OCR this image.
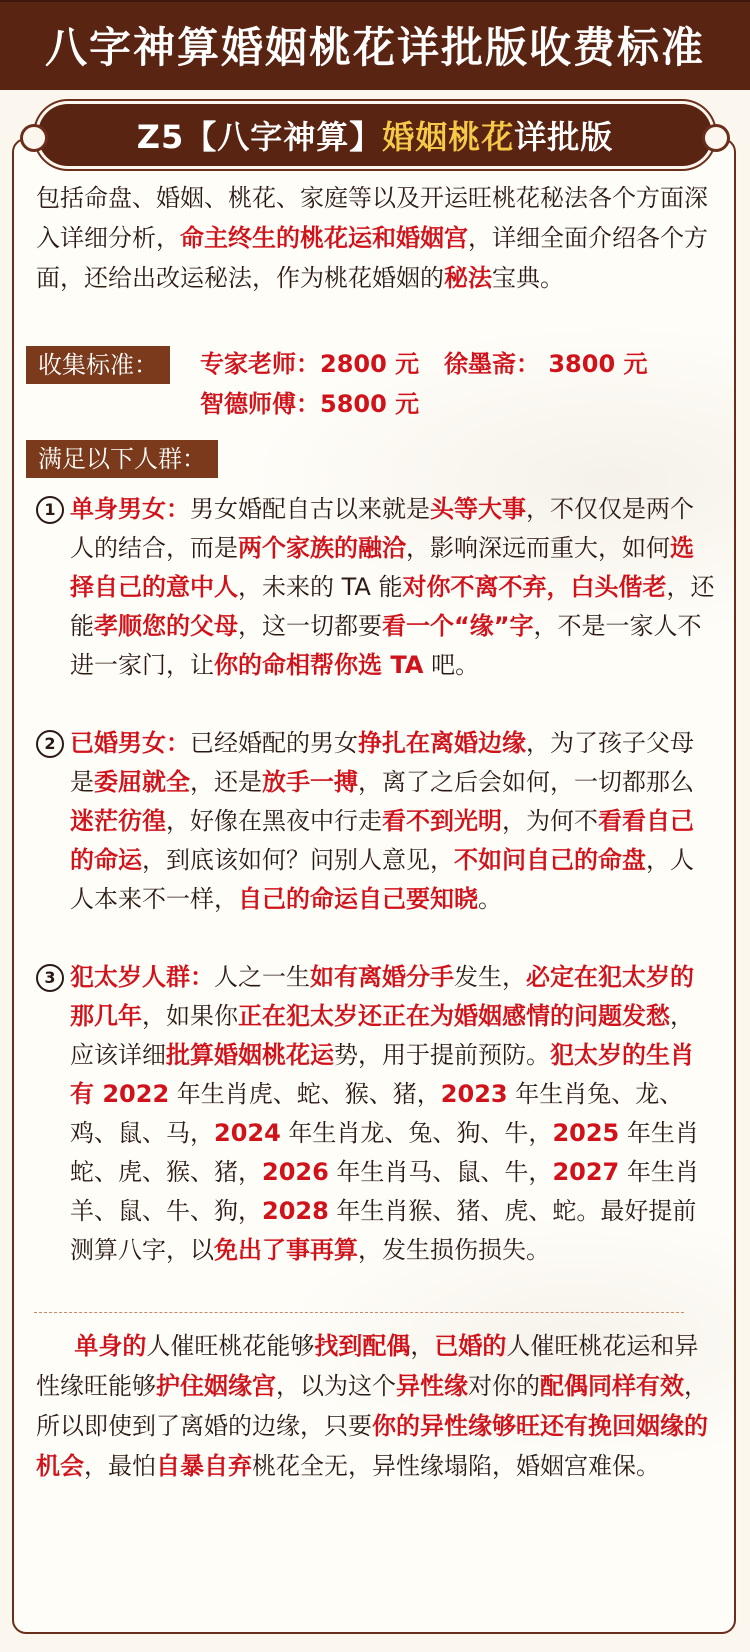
八字神算婚姻桃花详批版收费标准
Z5【八字神算】婚姻桃花详批版
包括命盘、婚姻、桃花、家庭等以及开运旺桃花秘法各个方面深入详细分析，命主终生的桃花运和婚姻宫，详细全面介绍各个方面，还给出改运秘法，作为桃花婚姻的秘法宝典。
收集标准：	专家老师：2800 元 徐墨斋： 3800 元
智德师傅：5800 元
满足以下人群：
1 单身男女：男女婚配自古以来就是头等大事，不仅仅是两个人的结合，而是两个家族的融洽，影响深远而重大，如何选择自己的意中人，未来的 TA 能对你不离不弃，白头偕老，还能孝顺您的父母，这一切都要看一个“缘”字，不是一家人不进一家门，让你的命相帮你选 TA 吧。
2 已婚男女：已经婚配的男女挣扎在离婚边缘，为了孩子父母是委屈就全，还是放手一搏，离了之后会如何，一切都那么迷茫彷徨，好像在黑夜中行走看不到光明，为何不看看自己的命运，到底该如何？问别人意见，不如问自己的命盘，人人本来不一样，自己的命运自己要知晓。
3 犯太岁人群：人之一生如有离婚分手发生，必定在犯太岁的那几年，如果你正在犯太岁还正在为婚姻感情的问题发愁，应该详细批算婚姻桃花运势，用于提前预防。犯太岁的生肖有 2022 年生肖虎、蛇、猴、猪，2023 年生肖兔、龙、鸡、鼠、马，2024 年生肖龙、兔、狗、牛，2025 年生肖蛇、虎、猴、猪，2026 年生肖马、鼠、牛，2027 年生肖羊、鼠、牛、狗，2028 年生肖猴、猪、虎、蛇。最好提前测算八字，以免出了事再算，发生损伤损失。
单身的人催旺桃花能够找到配偶，已婚的人催旺桃花运和异性缘旺能够护住姻缘宫，以为这个异性缘对你的配偶同样有效，所以即使到了离婚的边缘，只要你的异性缘够旺还有挽回姻缘的机会，最怕自暴自弃桃花全无，异性缘塌陷，婚姻宫难保。
